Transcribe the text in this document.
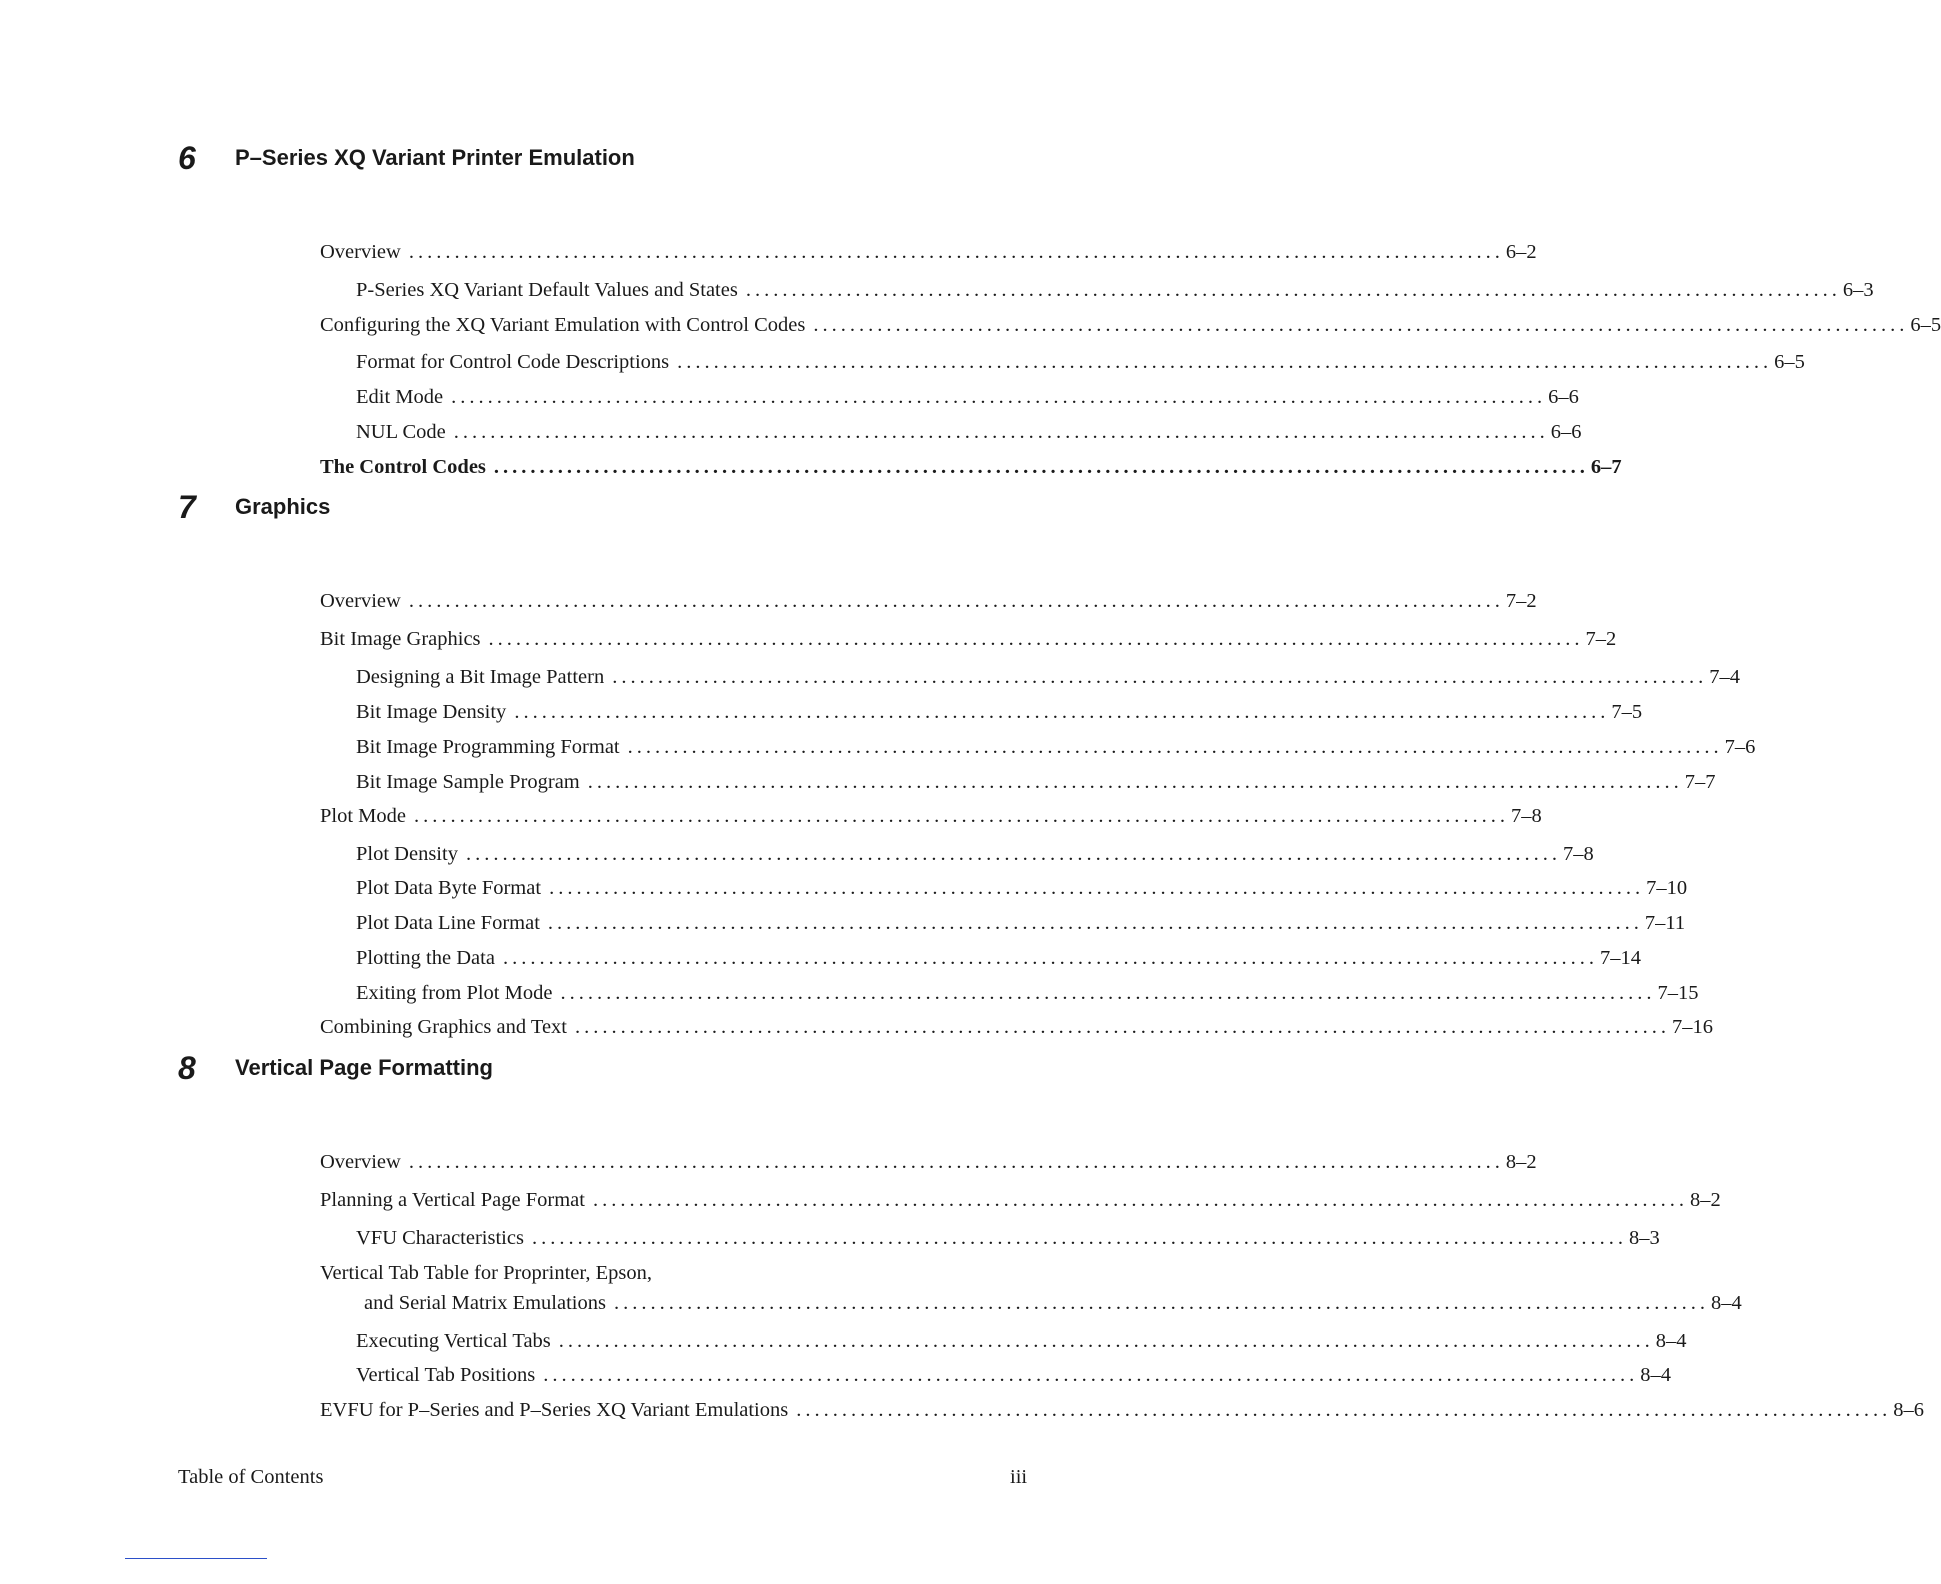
6 P–Series XQ Variant Printer Emulation
Overview ........................................................................................................................ 6–2
P-Series XQ Variant Default Values and States ........................................................................................................................ 6–3
Configuring the XQ Variant Emulation with Control Codes ........................................................................................................................ 6–5
Format for Control Code Descriptions ........................................................................................................................ 6–5
Edit Mode ........................................................................................................................ 6–6
NUL Code ........................................................................................................................ 6–6
The Control Codes ........................................................................................................................ 6–7
7 Graphics
Overview ........................................................................................................................ 7–2
Bit Image Graphics ........................................................................................................................ 7–2
Designing a Bit Image Pattern ........................................................................................................................ 7–4
Bit Image Density ........................................................................................................................ 7–5
Bit Image Programming Format ........................................................................................................................ 7–6
Bit Image Sample Program ........................................................................................................................ 7–7
Plot Mode ........................................................................................................................ 7–8
Plot Density ........................................................................................................................ 7–8
Plot Data Byte Format ........................................................................................................................ 7–10
Plot Data Line Format ........................................................................................................................ 7–11
Plotting the Data ........................................................................................................................ 7–14
Exiting from Plot Mode ........................................................................................................................ 7–15
Combining Graphics and Text ........................................................................................................................ 7–16
8 Vertical Page Formatting
Overview ........................................................................................................................ 8–2
Planning a Vertical Page Format ........................................................................................................................ 8–2
VFU Characteristics ........................................................................................................................ 8–3
Vertical Tab Table for Proprinter, Epson,
and Serial Matrix Emulations ........................................................................................................................ 8–4
Executing Vertical Tabs ........................................................................................................................ 8–4
Vertical Tab Positions ........................................................................................................................ 8–4
EVFU for P–Series and P–Series XQ Variant Emulations ........................................................................................................................ 8–6
Table of Contents	iii
